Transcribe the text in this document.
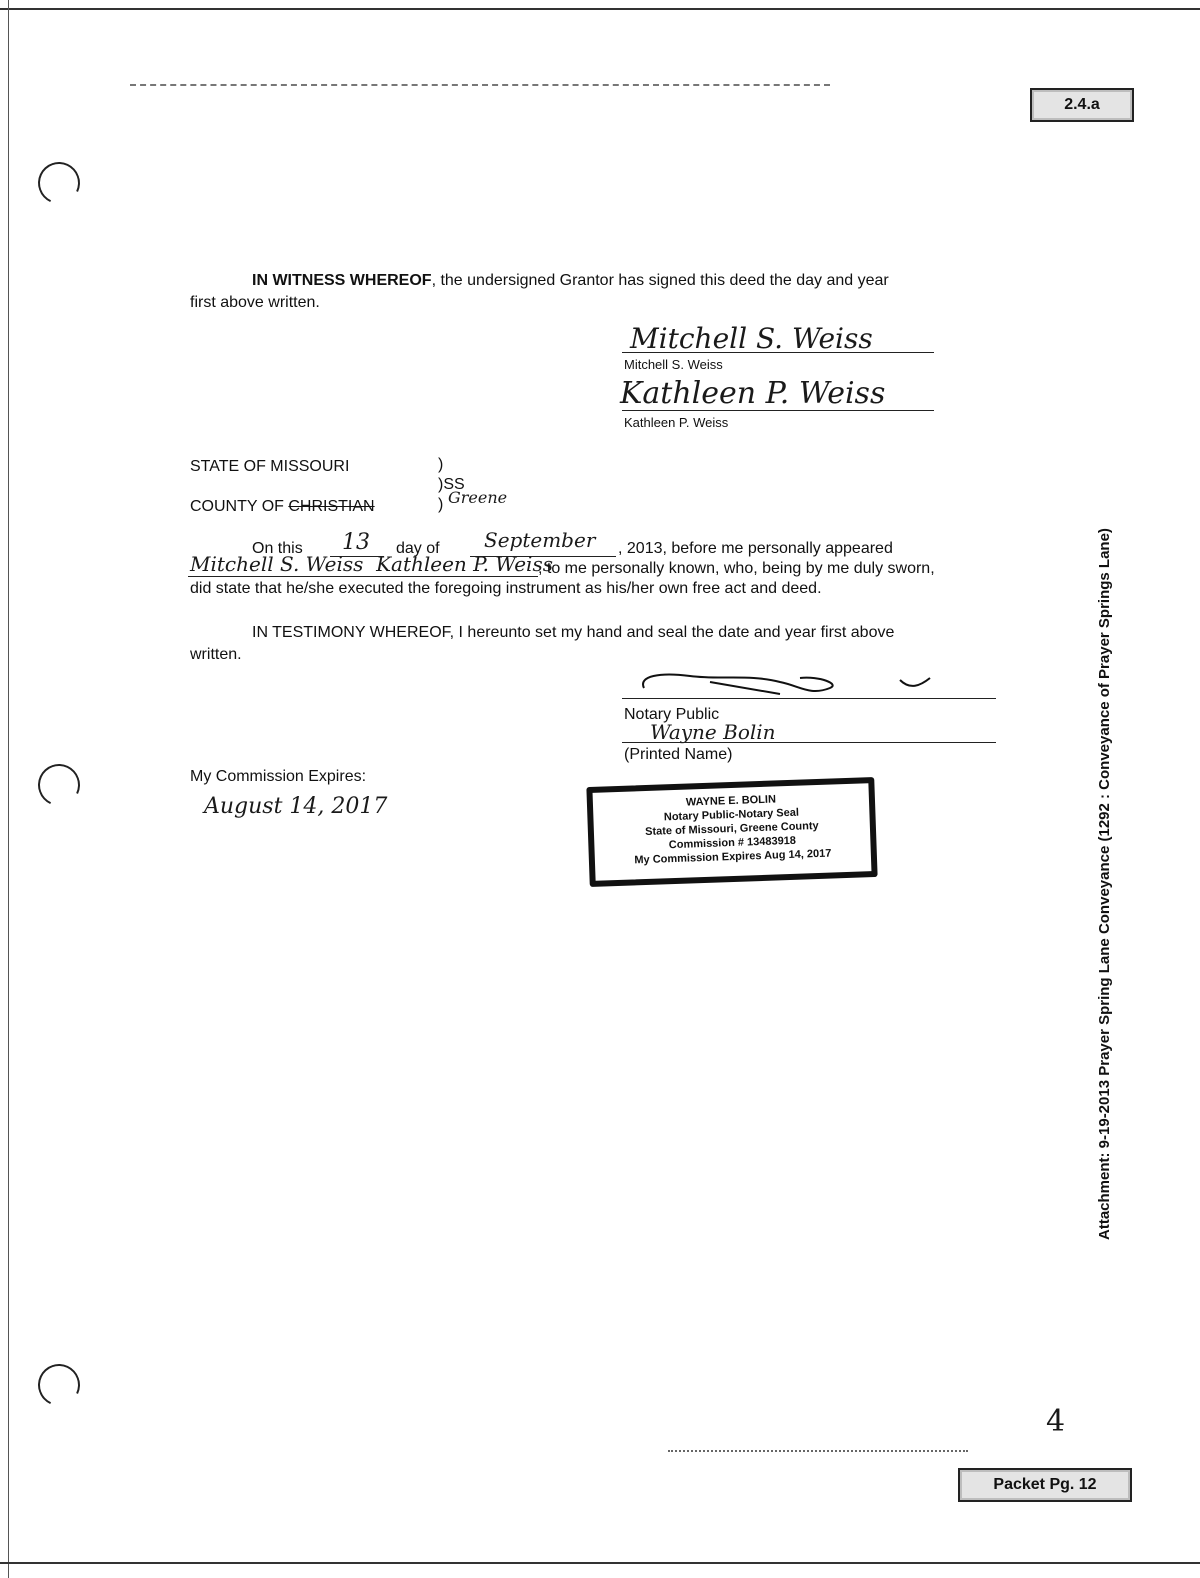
2.4.a
IN WITNESS WHEREOF, the undersigned Grantor has signed this deed the day and year
first above written.
Mitchell S. Weiss
Mitchell S. Weiss
Kathleen P. Weiss
Kathleen P. Weiss
STATE OF MISSOURI	)
)SS
COUNTY OF CHRISTIAN	) Greene
On this 13 day of September , 2013, before me personally appeared
Mitchell S. Weiss  Kathleen P. Weiss
, to me personally known, who, being by me duly sworn,
did state that he/she executed the foregoing instrument as his/her own free act and deed.
IN TESTIMONY WHEREOF, I hereunto set my hand and seal the date and year first above
written.
Notary Public
Wayne Bolin
(Printed Name)
My Commission Expires:
August 14, 2017	WAYNE E. BOLIN
Notary Public-Notary Seal
State of Missouri, Greene County
Commission # 13483918
My Commission Expires Aug 14, 2017	Attachment: 9-19-2013 Prayer Spring Lane Conveyance (1292 : Conveyance of Prayer Springs Lane)
4
Packet Pg. 12
